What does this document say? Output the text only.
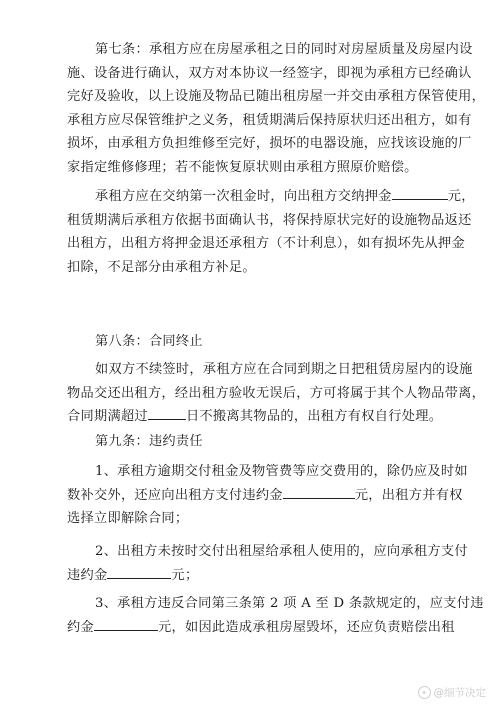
第七条：承租方应在房屋承租之日的同时对房屋质量及房屋内设
施、设备进行确认，双方对本协议一经签字，即视为承租方已经确认
完好及验收，以上设施及物品已随出租房屋一并交由承租方保管使用，
承租方应尽保管维护之义务，租赁期满后保持原状归还出租方，如有
损坏，由承租方负担维修至完好，损坏的电器设施，应找该设施的厂
家指定维修修理；若不能恢复原状则由承租方照原价赔偿。
承租方应在交纳第一次租金时，向出租方交纳押金	元，
租赁期满后承租方依据书面确认书，将保持原状完好的设施物品返还
出租方，出租方将押金退还承租方（不计利息），如有损坏先从押金
扣除，不足部分由承租方补足。
第八条：合同终止
如双方不续签时，承租方应在合同到期之日把租赁房屋内的设施
物品交还出租方，经出租方验收无误后，方可将属于其个人物品带离，
合同期满超过	日不搬离其物品的，出租方有权自行处理。
第九条：违约责任
1、承租方逾期交付租金及物管费等应交费用的，除仍应及时如
数补交外，还应向出租方支付违约金	元，出租方并有权
选择立即解除合同；
2、出租方未按时交付出租屋给承租人使用的，应向承租方支付
违约金	元；
3、承租方违反合同第三条第 2 项 A 至 D 条款规定的，应支付违
约金	元，如因此造成承租房屋毁坏，还应负责赔偿出租
✦ @细节决定
